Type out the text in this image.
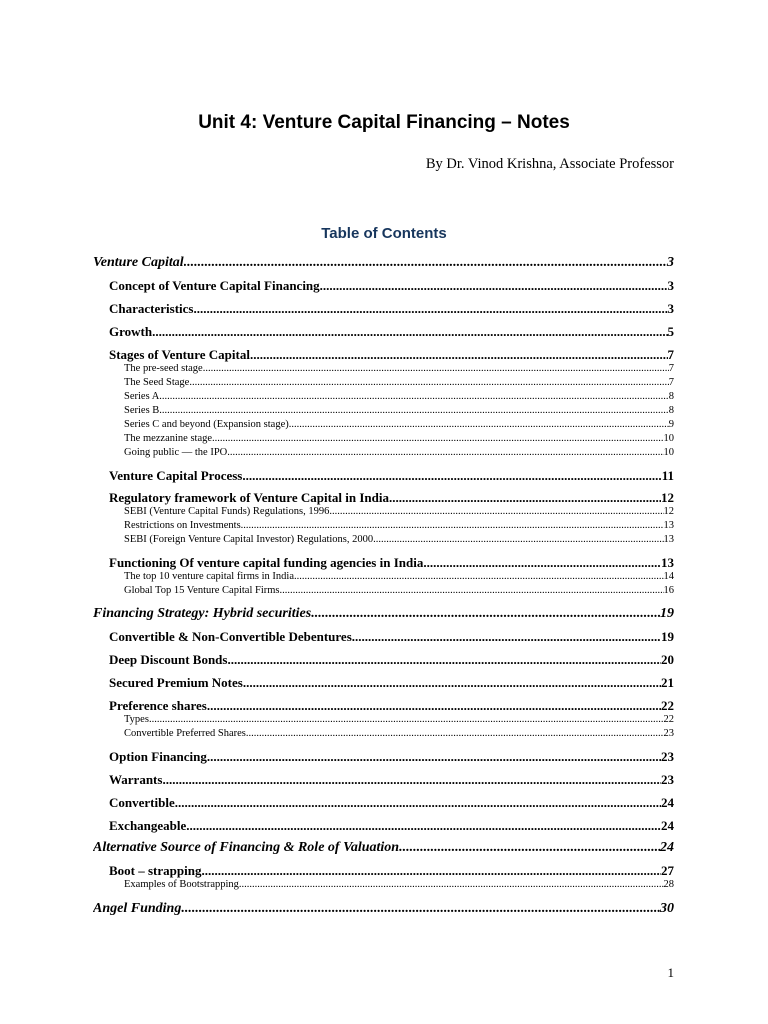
Unit 4: Venture Capital Financing – Notes
By Dr. Vinod Krishna, Associate Professor
Table of Contents
Venture Capital .....	3
Concept of Venture Capital Financing .....	3
Characteristics .....	3
Growth .....	5
Stages of Venture Capital .....	7
The pre-seed stage .....	7
The Seed Stage .....	7
Series A .....	8
Series B .....	8
Series C and beyond (Expansion stage) .....	9
The mezzanine stage .....	10
Going public — the IPO .....	10
Venture Capital Process .....	11
Regulatory framework of Venture Capital in India .....	12
SEBI (Venture Capital Funds) Regulations, 1996 .....	12
Restrictions on Investments .....	13
SEBI (Foreign Venture Capital Investor) Regulations, 2000 .....	13
Functioning Of venture capital funding agencies in India .....	13
The top 10 venture capital firms in India .....	14
Global Top 15 Venture Capital Firms .....	16
Financing Strategy: Hybrid securities .....	19
Convertible & Non-Convertible Debentures .....	19
Deep Discount Bonds .....	20
Secured Premium Notes .....	21
Preference shares .....	22
Types .....	22
Convertible Preferred Shares .....	23
Option Financing .....	23
Warrants .....	23
Convertible .....	24
Exchangeable .....	24
Alternative Source of Financing & Role of Valuation .....	24
Boot – strapping .....	27
Examples of Bootstrapping .....	28
Angel Funding .....	30
1
